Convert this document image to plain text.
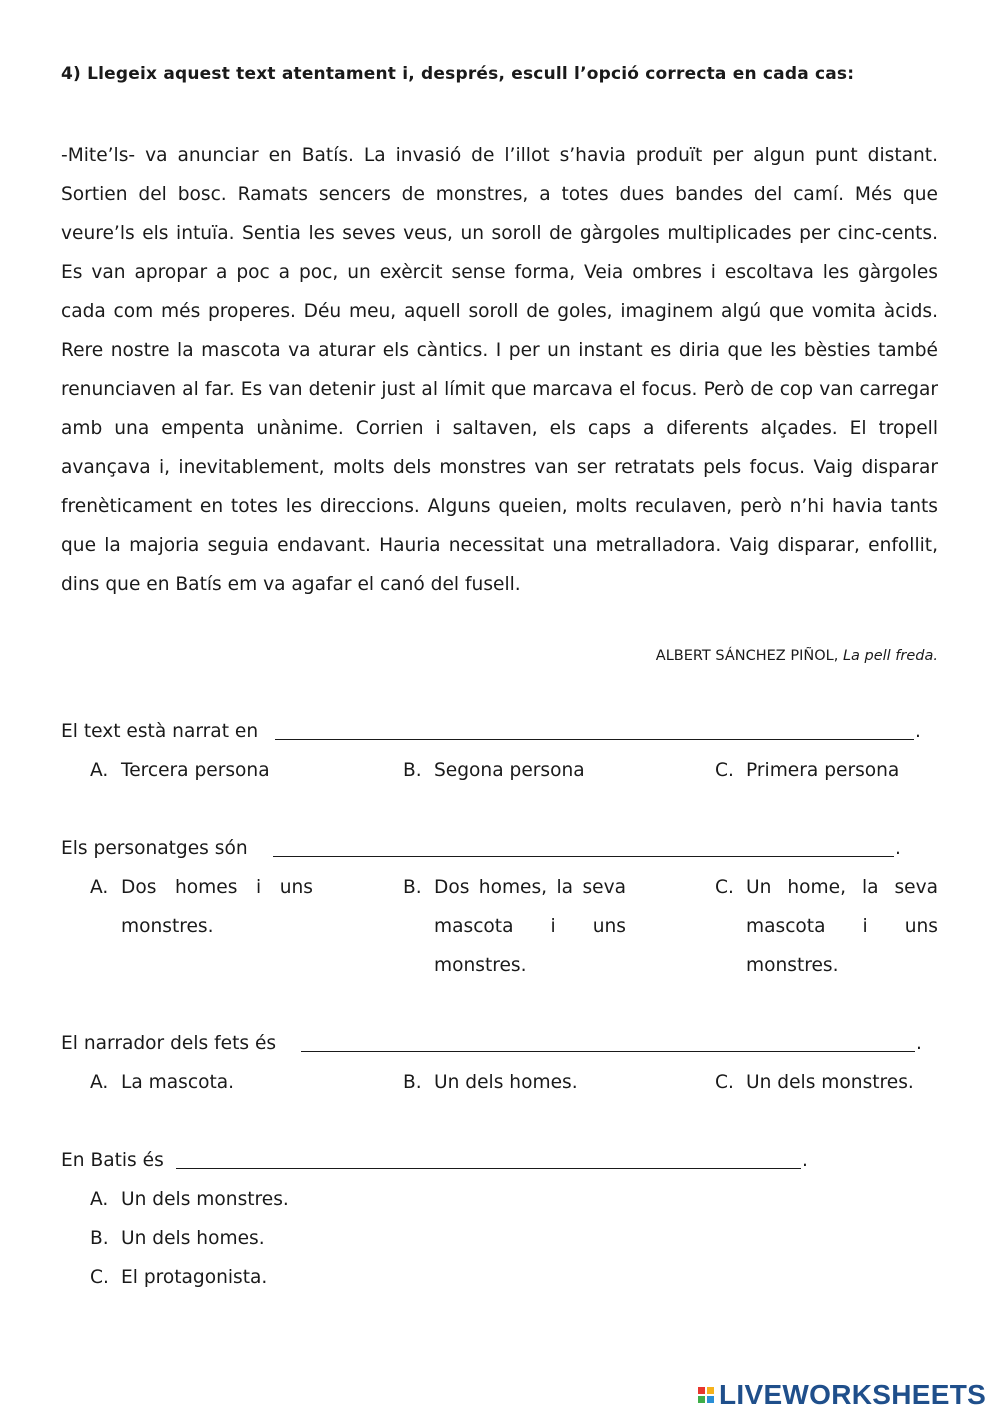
4) Llegeix aquest text atentament i, després, escull l’opció correcta en cada cas:

-Mite’ls- va anunciar en Batís. La invasió de l’illot s’havia produït per algun punt distant. Sortien del bosc. Ramats sencers de monstres, a totes dues bandes del camí. Més que veure’ls els intuïa. Sentia les seves veus, un soroll de gàrgoles multiplicades per cinc-cents. Es van apropar a poc a poc, un exèrcit sense forma, Veia ombres i escoltava les gàrgoles cada com més properes. Déu meu, aquell soroll de goles, imaginem algú que vomita àcids. Rere nostre la mascota va aturar els càntics. I per un instant es diria que les bèsties també renunciaven al far. Es van detenir just al límit que marcava el focus. Però de cop van carregar amb una empenta unànime. Corrien i saltaven, els caps a diferents alçades. El tropell avançava i, inevitablement, molts dels monstres van ser retratats pels focus. Vaig disparar frenèticament en totes les direccions. Alguns queien, molts reculaven, però n’hi havia tants que la majoria seguia endavant. Hauria necessitat una metralladora. Vaig disparar, enfollit, dins que en Batís em va agafar el canó del fusell.

ALBERT SÁNCHEZ PIÑOL, La pell freda.
El text està narrat en	.
A. Tercera persona	B. Segona persona	C. Primera persona
Els personatges són	.
A. Dos homes i uns monstres.
B. Dos homes, la seva mascota i uns monstres.
C. Un home, la seva mascota i uns monstres.
El narrador dels fets és	.
A. La mascota.	B. Un dels homes.	C. Un dels monstres.
En Batis és	.
A. Un dels monstres.
B. Un dels homes.
C. El protagonista.
LIVEWORKSHEETS
